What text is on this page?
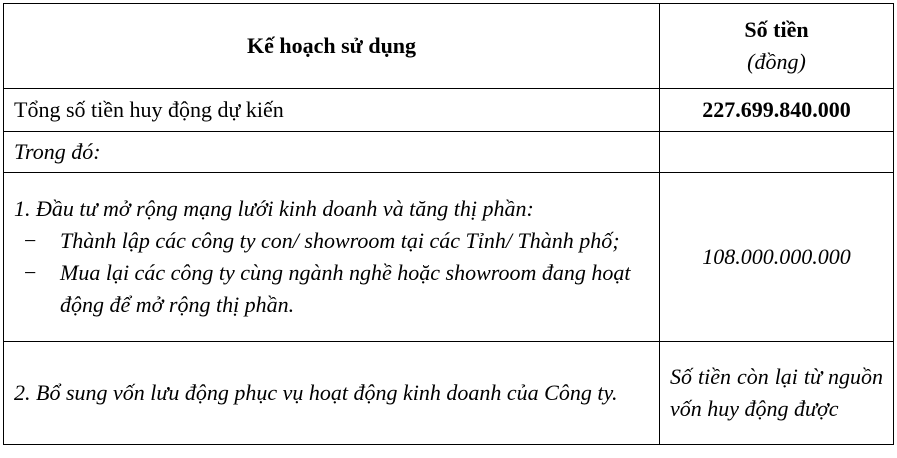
Kế hoạch sử dụng	Số tiền
(đồng)

Tổng số tiền huy động dự kiến	227.699.840.000
Trong đó:	

1. Đầu tư mở rộng mạng lưới kinh doanh và tăng thị phần:
− Thành lập các công ty con/ showroom tại các Tỉnh/ Thành phố;
− Mua lại các công ty cùng ngành nghề hoặc showroom đang hoạt động để mở rộng thị phần.	108.000.000.000
2. Bổ sung vốn lưu động phục vụ hoạt động kinh doanh của Công ty.	Số tiền còn lại từ nguồn vốn huy động được
